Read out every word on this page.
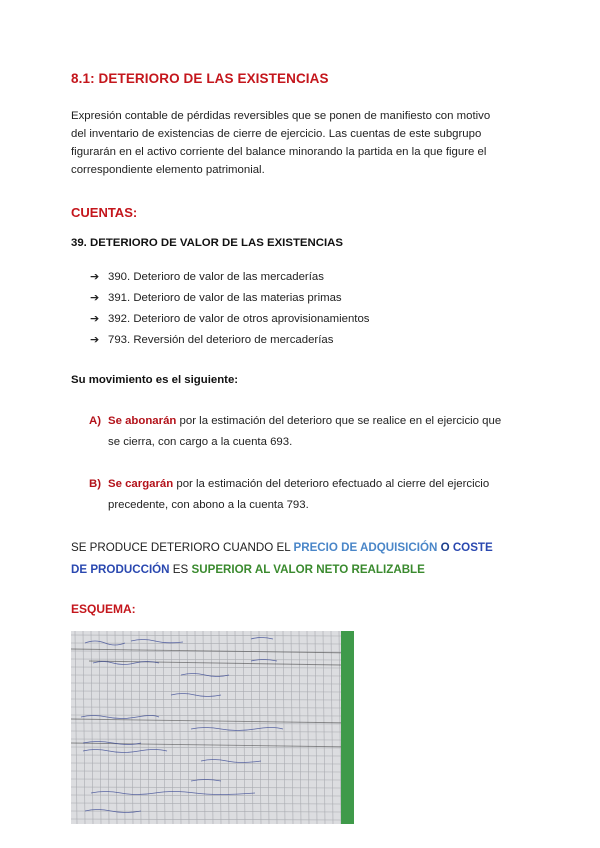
8.1: DETERIORO DE LAS EXISTENCIAS

Expresión contable de pérdidas reversibles que se ponen de manifiesto con motivo
del inventario de existencias de cierre de ejercicio. Las cuentas de este subgrupo
figurarán en el activo corriente del balance minorando la partida en la que figure el
correspondiente elemento patrimonial.

CUENTAS:
39. DETERIORO DE VALOR DE LAS EXISTENCIAS
➔ 390. Deterioro de valor de las mercaderías
➔ 391. Deterioro de valor de las materias primas
➔ 392. Deterioro de valor de otros aprovisionamientos
➔ 793. Reversión del deterioro de mercaderías
Su movimiento es el siguiente:

A) Se abonarán por la estimación del deterioro que se realice en el ejercicio que
se cierra, con cargo a la cuenta 693.

B) Se cargarán por la estimación del deterioro efectuado al cierre del ejercicio
precedente, con abono a la cuenta 793.

SE PRODUCE DETERIORO CUANDO EL PRECIO DE ADQUISICIÓN O COSTE
DE PRODUCCIÓN ES SUPERIOR AL VALOR NETO REALIZABLE

ESQUEMA:
